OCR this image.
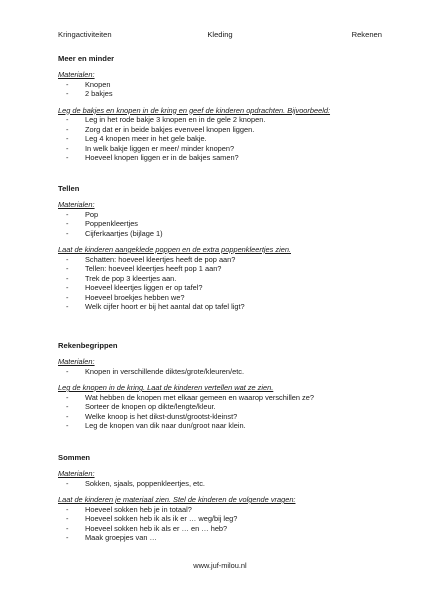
Kringactiviteiten	Kleding	Rekenen
Meer en minder

Materialen:

- Knopen
- 2 bakjes

Leg de bakjes en knopen in de kring en geef de kinderen opdrachten. Bijvoorbeeld:

- Leg in het rode bakje 3 knopen en in de gele 2 knopen.
- Zorg dat er in beide bakjes evenveel knopen liggen.
- Leg 4 knopen meer in het gele bakje.
- In welk bakje liggen er meer/ minder knopen?
- Hoeveel knopen liggen er in de bakjes samen?
Tellen

Materialen:

- Pop
- Poppenkleertjes
- Cijferkaartjes (bijlage 1)

Laat de kinderen aangeklede poppen en de extra poppenkleertjes zien.

- Schatten: hoeveel kleertjes heeft de pop aan?
- Tellen: hoeveel kleertjes heeft pop 1 aan?
- Trek de pop 3 kleertjes aan.
- Hoeveel kleertjes liggen er op tafel?
- Hoeveel broekjes hebben we?
- Welk cijfer hoort er bij het aantal dat op tafel ligt?
Rekenbegrippen

Materialen:

- Knopen in verschillende diktes/grote/kleuren/etc.

Leg de knopen in de kring. Laat de kinderen vertellen wat ze zien.

- Wat hebben de knopen met elkaar gemeen en waarop verschillen ze?
- Sorteer de knopen op dikte/lengte/kleur.
- Welke knoop is het dikst-dunst/grootst-kleinst?
- Leg de knopen van dik naar dun/groot naar klein.
Sommen

Materialen:

- Sokken, sjaals, poppenkleertjes, etc.

Laat de kinderen je materiaal zien. Stel de kinderen de volgende vragen:

- Hoeveel sokken heb je in totaal?
- Hoeveel sokken heb ik als ik er … weg/bij leg?
- Hoeveel sokken heb ik als er … en … heb?
- Maak groepjes van …
www.juf-milou.nl
